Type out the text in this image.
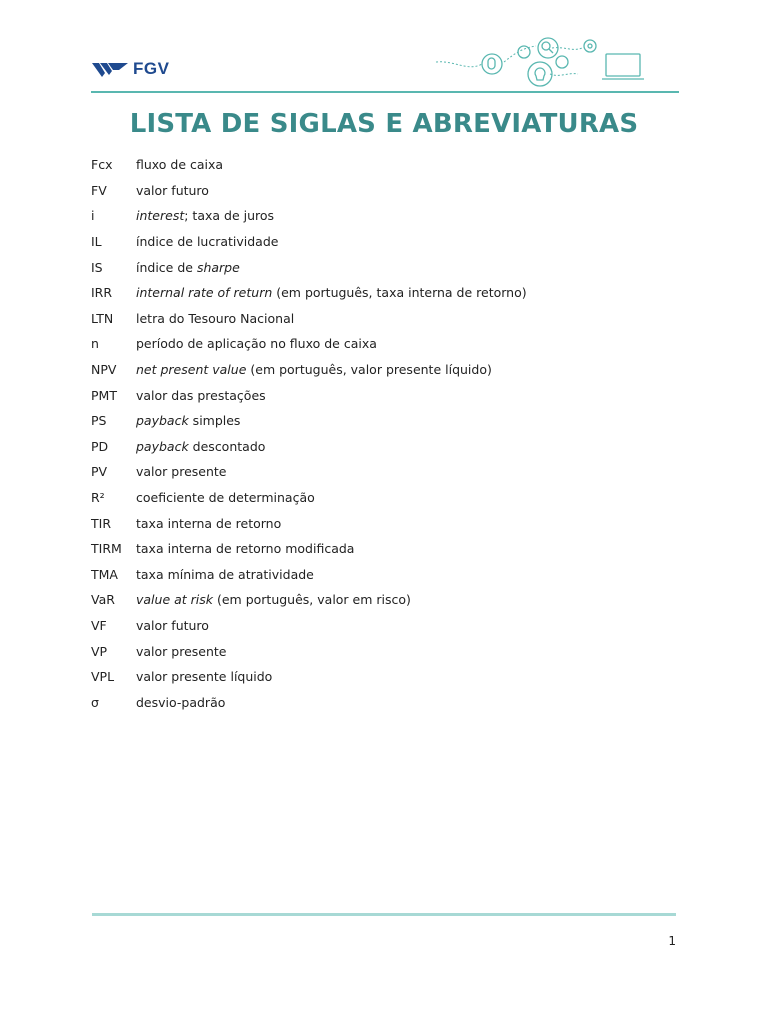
FGV
LISTA DE SIGLAS E ABREVIATURAS
Fcx	fluxo de caixa
FV	valor futuro
i	interest; taxa de juros
IL	índice de lucratividade
IS	índice de sharpe
IRR	internal rate of return (em português, taxa interna de retorno)
LTN	letra do Tesouro Nacional
n	período de aplicação no fluxo de caixa
NPV	net present value (em português, valor presente líquido)
PMT	valor das prestações
PS	payback simples
PD	payback descontado
PV	valor presente
R²	coeficiente de determinação
TIR	taxa interna de retorno
TIRM	taxa interna de retorno modificada
TMA	taxa mínima de atratividade
VaR	value at risk (em português, valor em risco)
VF	valor futuro
VP	valor presente
VPL	valor presente líquido
σ	desvio-padrão
1
